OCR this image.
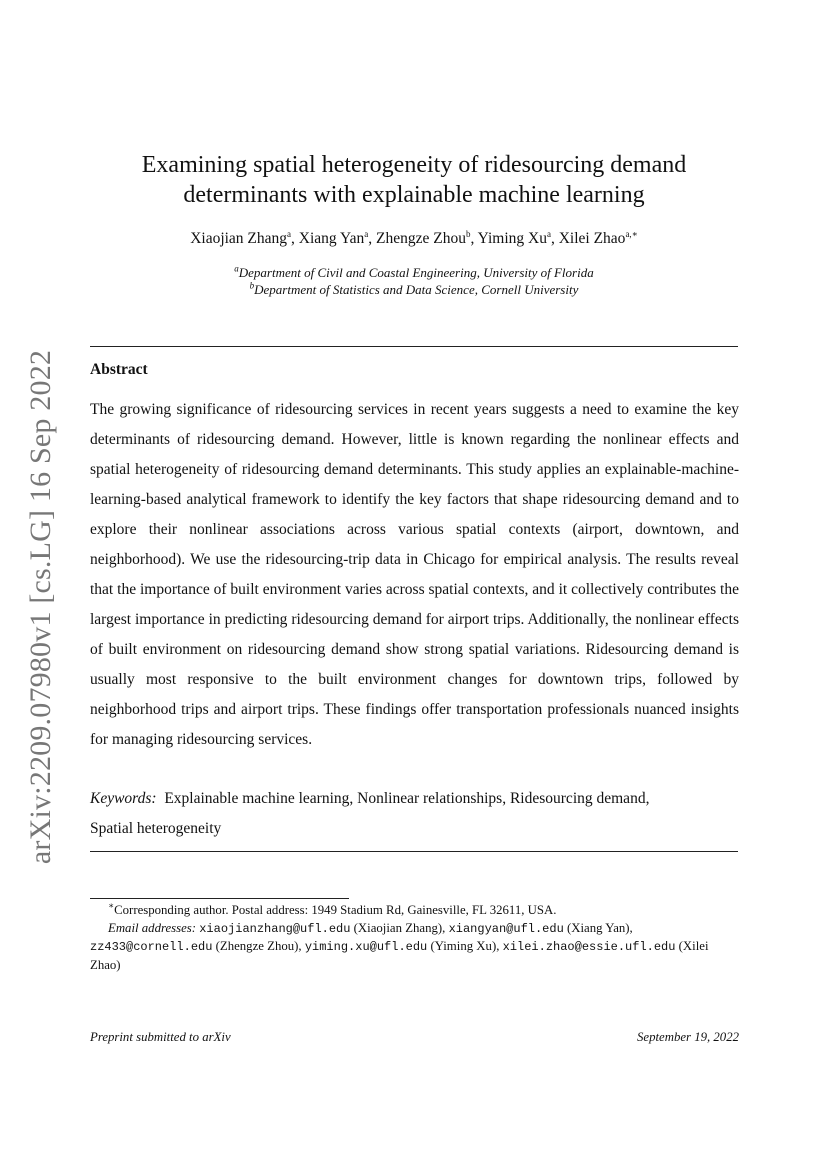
arXiv:2209.07980v1 [cs.LG] 16 Sep 2022
Examining spatial heterogeneity of ridesourcing demand
determinants with explainable machine learning
Xiaojian Zhang$^a$, Xiang Yan$^a$, Zhengze Zhou$^b$, Yiming Xu$^a$, Xilei Zhao$^{a,∗}$
$^a$Department of Civil and Coastal Engineering, University of Florida
$^b$Department of Statistics and Data Science, Cornell University
Abstract
The growing significance of ridesourcing services in recent years suggests a need to examine the key determinants of ridesourcing demand. However, little is known regarding the nonlinear effects and spatial heterogeneity of ridesourcing demand determinants. This study applies an explainable-machine-learning-based analytical framework to identify the key factors that shape ridesourcing demand and to explore their nonlinear associations across various spatial contexts (airport, downtown, and neighborhood). We use the ridesourcing-trip data in Chicago for empirical analysis. The results reveal that the importance of built environment varies across spatial contexts, and it collectively contributes the largest importance in predicting ridesourcing demand for airport trips. Additionally, the nonlinear effects of built environment on ridesourcing demand show strong spatial variations. Ridesourcing demand is usually most responsive to the built environment changes for downtown trips, followed by neighborhood trips and airport trips. These findings offer transportation professionals nuanced insights for managing ridesourcing services.
Keywords: Explainable machine learning, Nonlinear relationships, Ridesourcing demand,
Spatial heterogeneity
∗Corresponding author. Postal address: 1949 Stadium Rd, Gainesville, FL 32611, USA.
Email addresses: xiaojianzhang@ufl.edu (Xiaojian Zhang), xiangyan@ufl.edu (Xiang Yan), zz433@cornell.edu (Zhengze Zhou), yiming.xu@ufl.edu (Yiming Xu), xilei.zhao@essie.ufl.edu (Xilei Zhao)
Preprint submitted to arXiv	September 19, 2022
